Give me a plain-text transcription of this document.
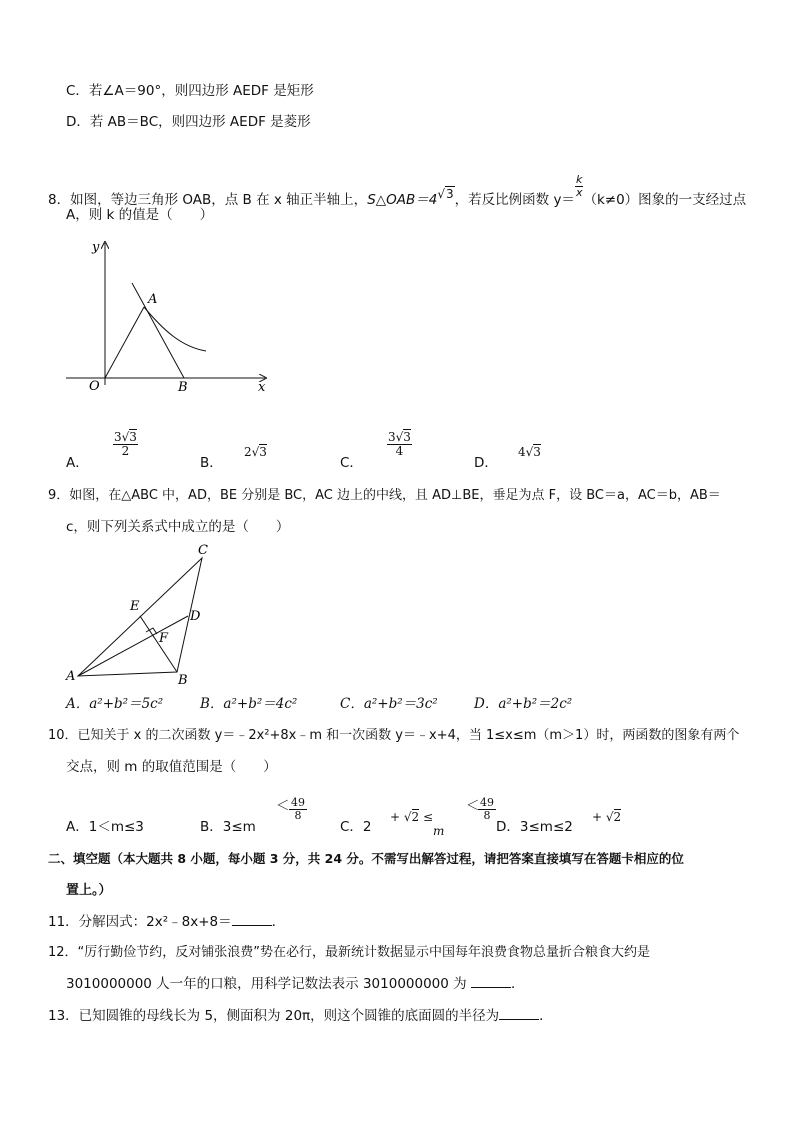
C．若∠A＝90°，则四边形 AEDF 是矩形
D．若 AB＝BC，则四边形 AEDF 是菱形
8．如图，等边三角形 OAB，点 B 在 x 轴正半轴上，S△OAB＝4√3，若反比例函数 y＝
$\frac{k}{x}$
（k≠0）图象的一支经过点
A，则 k 的值是（　　）
y
x
O
A
B
A．
3√3
2
B．
2√3
C．
3√3
4
D．
4√3
9．如图，在△ABC 中，AD，BE 分别是 BC，AC 边上的中线，且 AD⊥BE，垂足为点 F，设 BC＝a，AC＝b，AB＝
c，则下列关系式中成立的是（　　）
A	B
C
D
E
F
A．a²+b²＝5c²	B．a²+b²＝4c²	C．a²+b²＝3c²	D．a²+b²＝2c²
10．已知关于 x 的二次函数 y＝﹣2x²+8x﹣m 和一次函数 y＝﹣x+4，当 1≤x≤m（m＞1）时，两函数的图象有两个
交点，则 m 的取值范围是（　　）
A．1＜m≤3	B．3≤m
＜ $\frac{49}{8}$
C．2
+ √2 ≤
m
＜
$\frac{49}{8}$
D．3≤m≤2
+ √2
二、填空题（本大题共 8 小题，每小题 3 分，共 24 分。不需写出解答过程，请把答案直接填写在答题卡相应的位
置上。）
11．分解因式：2x²﹣8x+8＝	．
12．“厉行勤俭节约，反对铺张浪费”势在必行，最新统计数据显示中国每年浪费食物总量折合粮食大约是
3010000000 人一年的口粮，用科学记数法表示 3010000000 为	．
13．已知圆锥的母线长为 5，侧面积为 20π，则这个圆锥的底面圆的半径为	．
